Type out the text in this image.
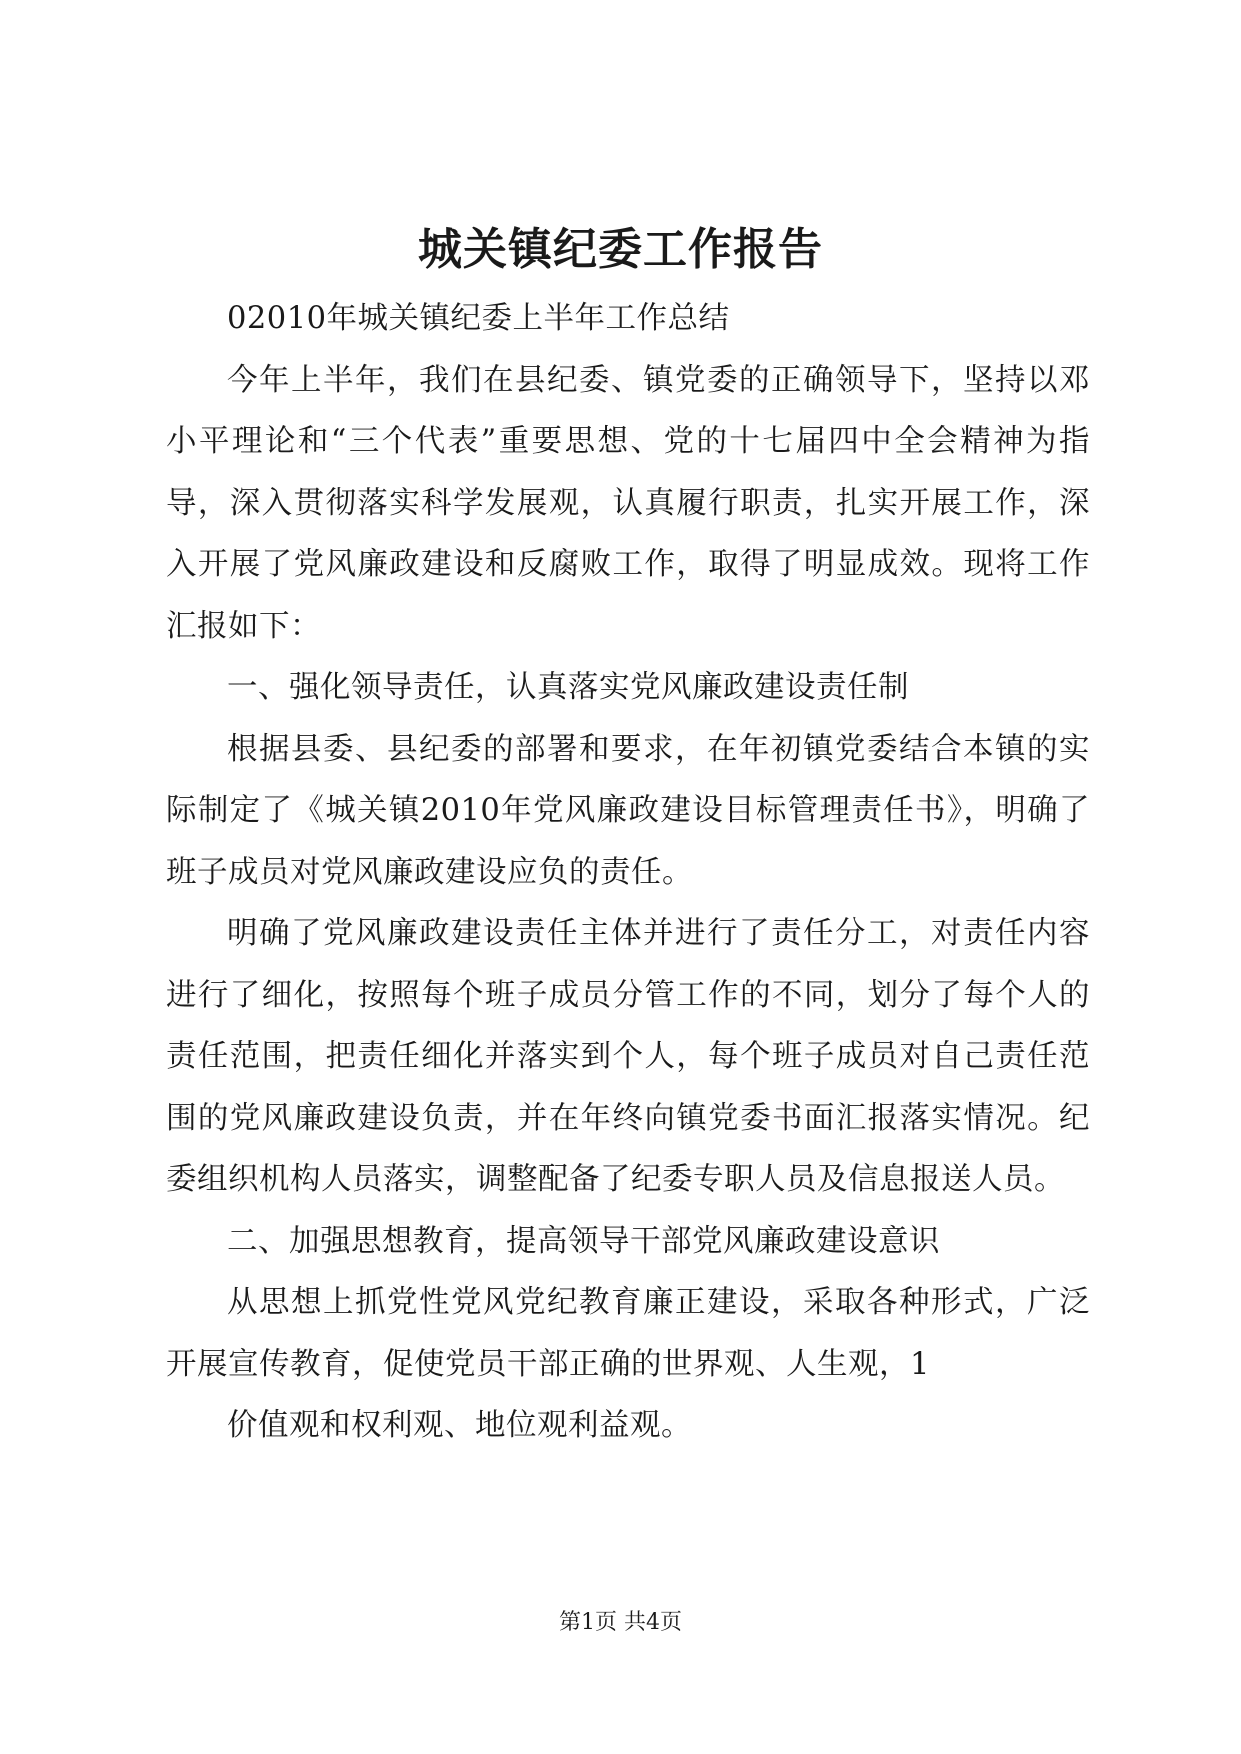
城关镇纪委工作报告

02010年城关镇纪委上半年工作总结

今年上半年，我们在县纪委、镇党委的正确领导下，坚持以邓小平理论和“三个代表”重要思想、党的十七届四中全会精神为指导，深入贯彻落实科学发展观，认真履行职责，扎实开展工作，深入开展了党风廉政建设和反腐败工作，取得了明显成效。现将工作汇报如下：

一、强化领导责任，认真落实党风廉政建设责任制

根据县委、县纪委的部署和要求，在年初镇党委结合本镇的实际制定了《城关镇2010年党风廉政建设目标管理责任书》，明确了班子成员对党风廉政建设应负的责任。

明确了党风廉政建设责任主体并进行了责任分工，对责任内容进行了细化，按照每个班子成员分管工作的不同，划分了每个人的责任范围，把责任细化并落实到个人，每个班子成员对自己责任范围的党风廉政建设负责，并在年终向镇党委书面汇报落实情况。纪委组织机构人员落实，调整配备了纪委专职人员及信息报送人员。

二、加强思想教育，提高领导干部党风廉政建设意识

从思想上抓党性党风党纪教育廉正建设，采取各种形式，广泛开展宣传教育，促使党员干部正确的世界观、人生观，1

价值观和权利观、地位观利益观。

第1页 共4页
